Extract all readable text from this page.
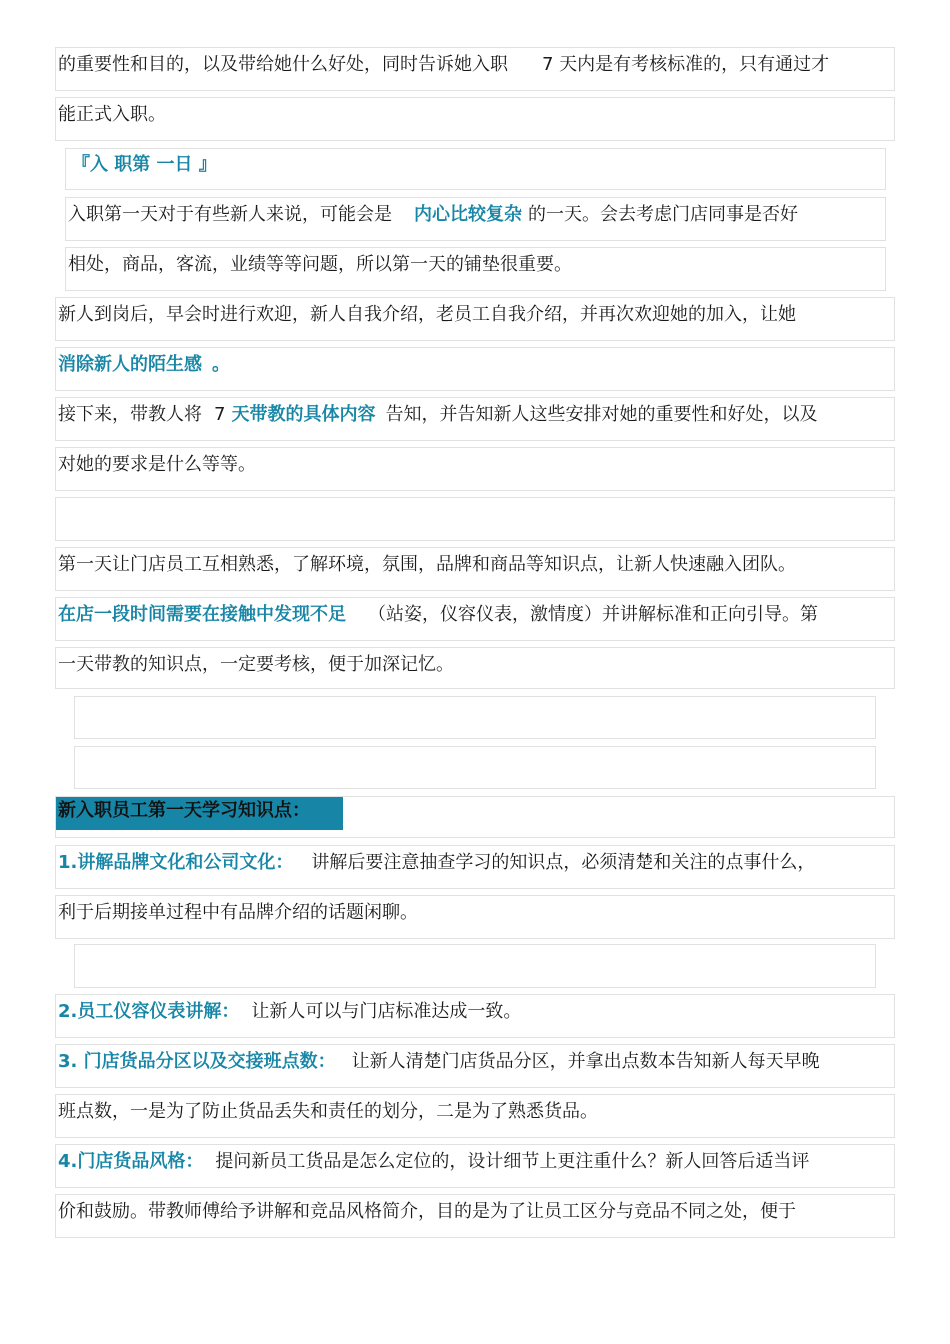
的重要性和目的，以及带给她什么好处，同时告诉她入职 7 天内是有考核标准的，只有通过才
能正式入职。
『入 职第 一日 』
入职第一天对于有些新人来说，可能会是 内心比较复杂 的一天。会去考虑门店同事是否好
相处，商品，客流，业绩等等问题，所以第一天的铺垫很重要。
新人到岗后，早会时进行欢迎，新人自我介绍，老员工自我介绍，并再次欢迎她的加入，让她
消除新人的陌生感 。
接下来，带教人将 7 天带教的具体内容 告知，并告知新人这些安排对她的重要性和好处，以及
对她的要求是什么等等。
第一天让门店员工互相熟悉，了解环境，氛围，品牌和商品等知识点，让新人快速融入团队。
在店一段时间需要在接触中发现不足 （站姿，仪容仪表，激情度）并讲解标准和正向引导。第
一天带教的知识点，一定要考核，便于加深记忆。
新入职员工第一天学习知识点：
1.讲解品牌文化和公司文化： 讲解后要注意抽查学习的知识点，必须清楚和关注的点事什么，
利于后期接单过程中有品牌介绍的话题闲聊。
2.员工仪容仪表讲解： 让新人可以与门店标准达成一致。
3. 门店货品分区以及交接班点数： 让新人清楚门店货品分区，并拿出点数本告知新人每天早晚
班点数，一是为了防止货品丢失和责任的划分，二是为了熟悉货品。
4.门店货品风格： 提问新员工货品是怎么定位的，设计细节上更注重什么？新人回答后适当评
价和鼓励。带教师傅给予讲解和竞品风格简介，目的是为了让员工区分与竞品不同之处，便于
